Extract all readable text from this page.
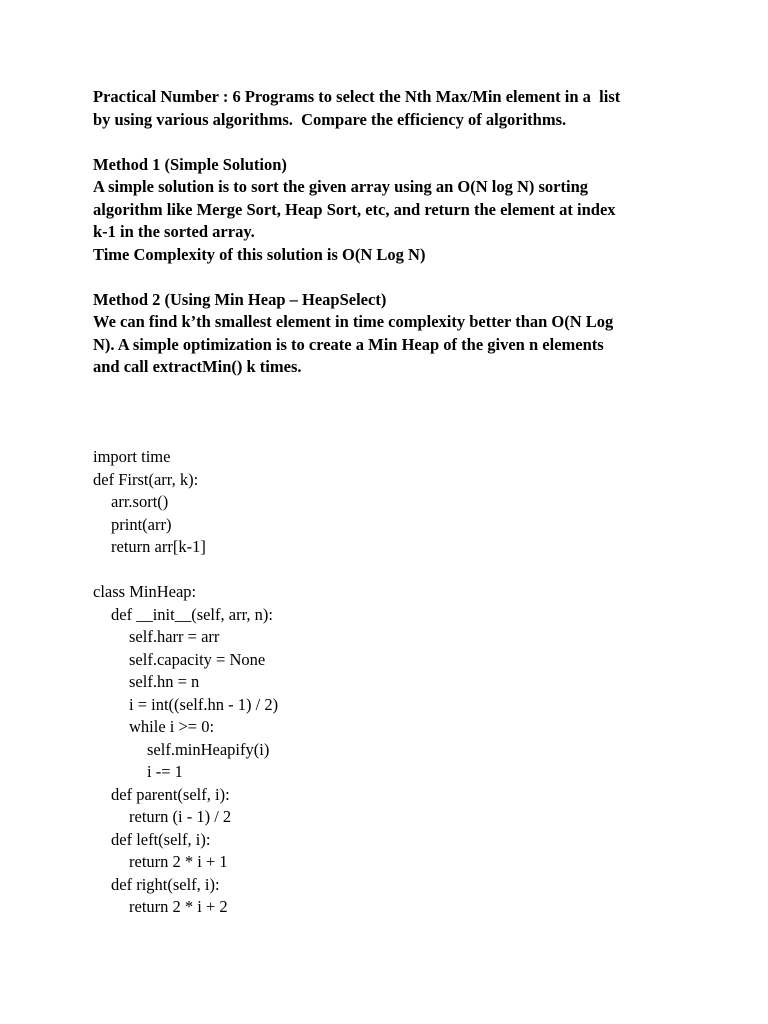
Practical Number : 6 Programs to select the Nth Max/Min element in a  list
by using various algorithms.  Compare the efficiency of algorithms.
Method 1 (Simple Solution)
A simple solution is to sort the given array using an O(N log N) sorting
algorithm like Merge Sort, Heap Sort, etc, and return the element at index
k-1 in the sorted array.
Time Complexity of this solution is O(N Log N)
Method 2 (Using Min Heap – HeapSelect)
We can find k’th smallest element in time complexity better than O(N Log
N). A simple optimization is to create a Min Heap of the given n elements
and call extractMin() k times.
import time
def First(arr, k):
arr.sort()
print(arr)
return arr[k-1]
class MinHeap:
def __init__(self, arr, n):
self.harr = arr
self.capacity = None
self.hn = n
i = int((self.hn - 1) / 2)
while i >= 0:
self.minHeapify(i)
i -= 1
def parent(self, i):
return (i - 1) / 2
def left(self, i):
return 2 * i + 1
def right(self, i):
return 2 * i + 2
